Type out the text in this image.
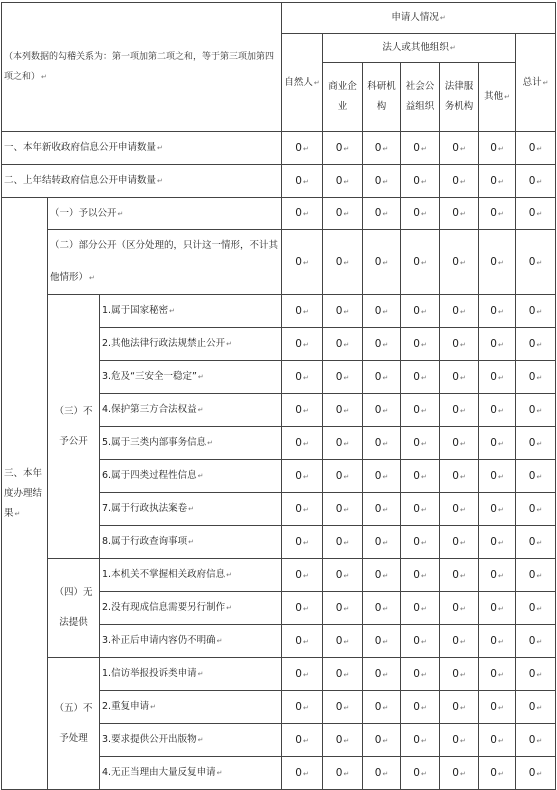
（本列数据的勾稽关系为：第一项加第二项之和，等于第三项加第四项之和）↵			申请人情况↵						
			自然人↵	法人或其他组织↵					总计↵
				商业企业	科研机构	社会公益组织	法律服务机构	其他↵	
一、本年新收政府信息公开申请数量↵			0↵	0↵	0↵	0↵	0↵	0↵	0↵
二、上年结转政府信息公开申请数量↵			0↵	0↵	0↵	0↵	0↵	0↵	0↵
三、本年度办理结果↵	（一）予以公开↵		0↵	0↵	0↵	0↵	0↵	0↵	0↵
	（二）部分公开（区分处理的，只计这一情形，不计其他情形）↵		0↵	0↵	0↵	0↵	0↵	0↵	0↵
	（三）不予公开	1.属于国家秘密↵	0↵	0↵	0↵	0↵	0↵	0↵	0↵
		2.其他法律行政法规禁止公开↵	0↵	0↵	0↵	0↵	0↵	0↵	0↵
		3.危及“三安全一稳定”↵	0↵	0↵	0↵	0↵	0↵	0↵	0↵
		4.保护第三方合法权益↵	0↵	0↵	0↵	0↵	0↵	0↵	0↵
		5.属于三类内部事务信息↵	0↵	0↵	0↵	0↵	0↵	0↵	0↵
		6.属于四类过程性信息↵	0↵	0↵	0↵	0↵	0↵	0↵	0↵
		7.属于行政执法案卷↵	0↵	0↵	0↵	0↵	0↵	0↵	0↵
		8.属于行政查询事项↵	0↵	0↵	0↵	0↵	0↵	0↵	0↵
	（四）无法提供	1.本机关不掌握相关政府信息↵	0↵	0↵	0↵	0↵	0↵	0↵	0↵
		2.没有现成信息需要另行制作↵	0↵	0↵	0↵	0↵	0↵	0↵	0↵
		3.补正后申请内容仍不明确↵	0↵	0↵	0↵	0↵	0↵	0↵	0↵
	（五）不予处理	1.信访举报投诉类申请↵	0↵	0↵	0↵	0↵	0↵	0↵	0↵
		2.重复申请↵	0↵	0↵	0↵	0↵	0↵	0↵	0↵
		3.要求提供公开出版物↵	0↵	0↵	0↵	0↵	0↵	0↵	0↵
		4.无正当理由大量反复申请↵	0↵	0↵	0↵	0↵	0↵	0↵	0↵
